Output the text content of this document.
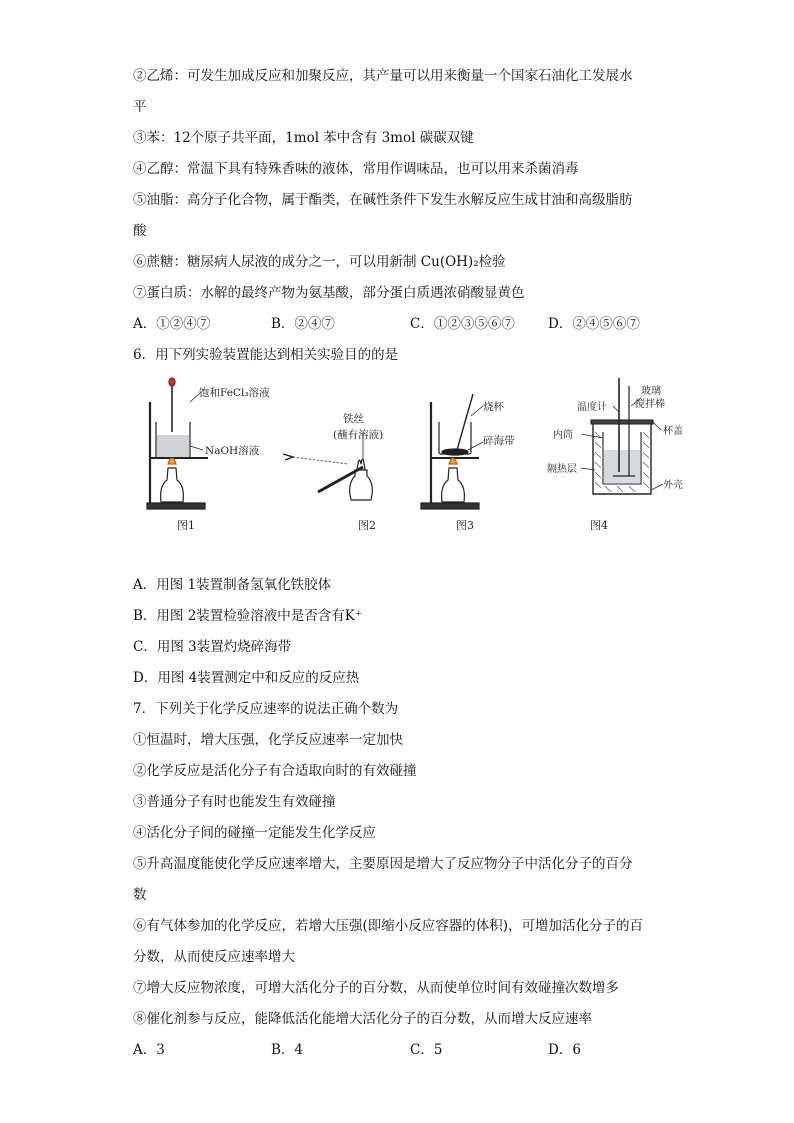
②乙烯：可发生加成反应和加聚反应，其产量可以用来衡量一个国家石油化工发展水
平
③苯：12个原子共平面，1mol 苯中含有 3mol 碳碳双键
④乙醇：常温下具有特殊香味的液体，常用作调味品，也可以用来杀菌消毒
⑤油脂：高分子化合物，属于酯类，在碱性条件下发生水解反应生成甘油和高级脂肪
酸
⑥蔗糖：糖尿病人尿液的成分之一，可以用新制 Cu(OH)₂检验
⑦蛋白质：水解的最终产物为氨基酸，部分蛋白质遇浓硝酸显黄色
A．①②④⑦	B．②④⑦	C．①②③⑤⑥⑦ D．②④⑤⑥⑦
6．用下列实验装置能达到相关实验目的的是
饱和FeCl₃溶液
NaOH溶液
图1
铁丝
(蘸有溶液)
图2
烧杯
碎海带
图3
温度计
玻璃
搅拌棒
内筒	杯盖
隔热层
外壳
图4
A．用图 1装置制备氢氧化铁胶体
B．用图 2装置检验溶液中是否含有K⁺
C．用图 3装置灼烧碎海带
D．用图 4装置测定中和反应的反应热
7．下列关于化学反应速率的说法正确个数为
①恒温时，增大压强，化学反应速率一定加快
②化学反应是活化分子有合适取向时的有效碰撞
③普通分子有时也能发生有效碰撞
④活化分子间的碰撞一定能发生化学反应
⑤升高温度能使化学反应速率增大，主要原因是增大了反应物分子中活化分子的百分
数
⑥有气体参加的化学反应，若增大压强(即缩小反应容器的体积)，可增加活化分子的百
分数，从而使反应速率增大
⑦增大反应物浓度，可增大活化分子的百分数，从而使单位时间有效碰撞次数增多
⑧催化剂参与反应，能降低活化能增大活化分子的百分数，从而增大反应速率
A．3	B．4	C．5	D．6
